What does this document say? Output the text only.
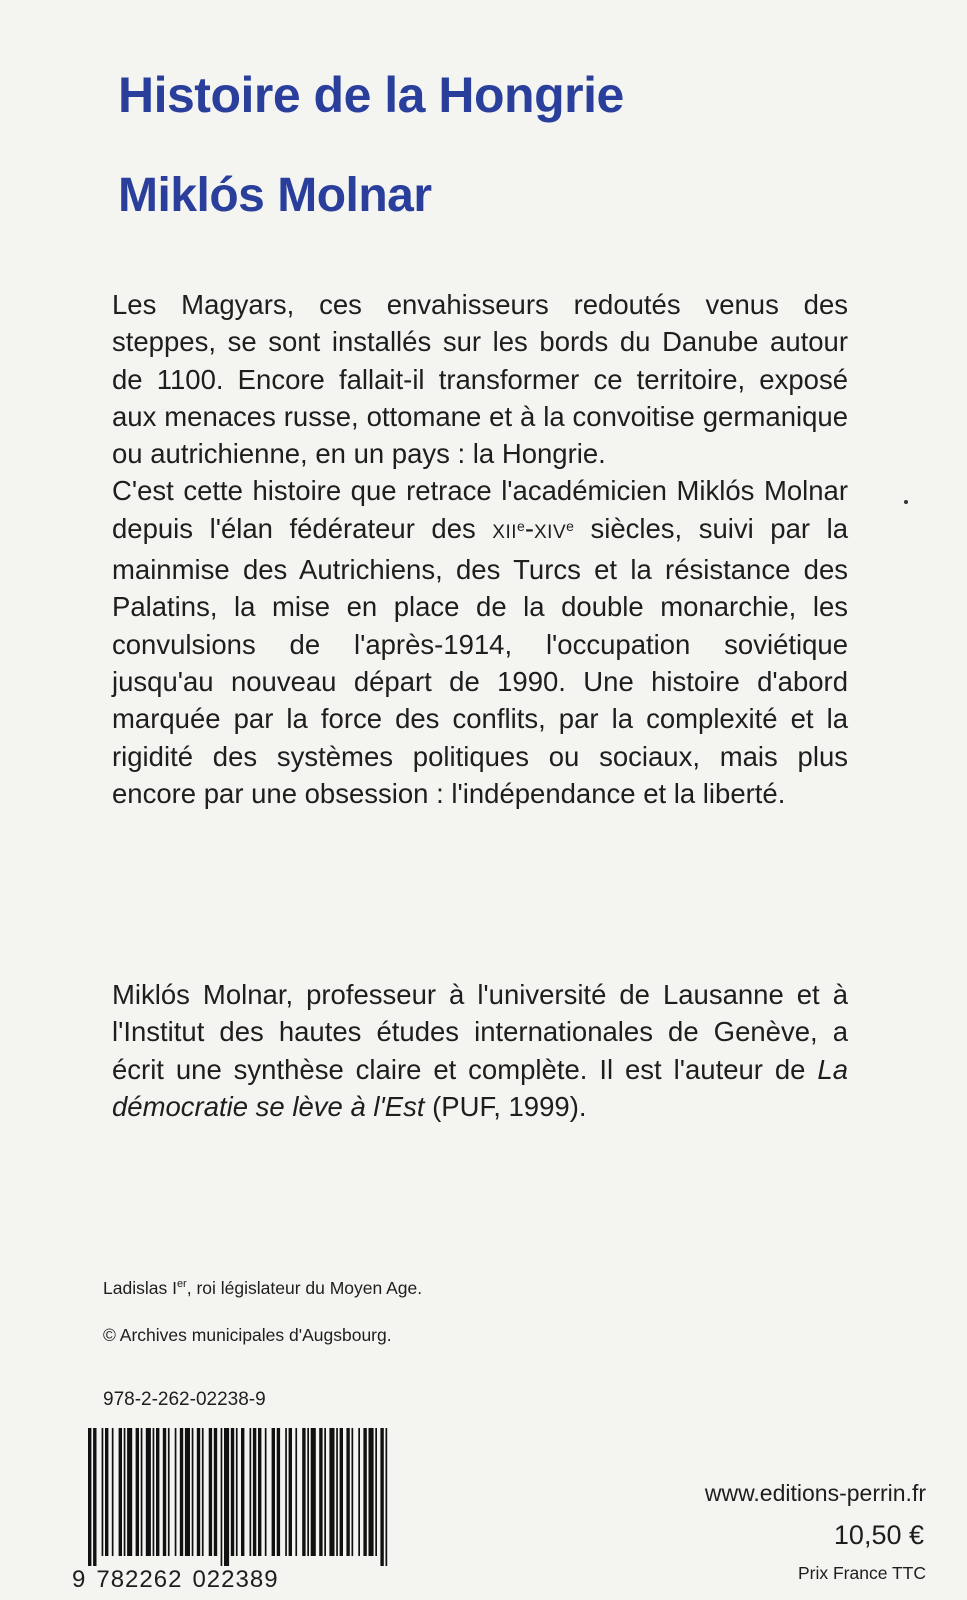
Histoire de la Hongrie
Miklós Molnar

Les Magyars, ces envahisseurs redoutés venus des steppes, se sont installés sur les bords du Danube autour de 1100. Encore fallait-il transformer ce territoire, exposé aux menaces russe, ottomane et à la convoitise germanique ou autrichienne, en un pays : la Hongrie.
C'est cette histoire que retrace l'académicien Miklós Molnar depuis l'élan fédérateur des XIIe-XIVe siècles, suivi par la mainmise des Autrichiens, des Turcs et la résistance des Palatins, la mise en place de la double monarchie, les convulsions de l'après-1914, l'occupation soviétique jusqu'au nouveau départ de 1990. Une histoire d'abord marquée par la force des conflits, par la complexité et la rigidité des systèmes politiques ou sociaux, mais plus encore par une obsession : l'indépendance et la liberté.

Miklós Molnar, professeur à l'université de Lausanne et à l'Institut des hautes études internationales de Genève, a écrit une synthèse claire et complète. Il est l'auteur de La démocratie se lève à l'Est (PUF, 1999).

Ladislas Ier, roi législateur du Moyen Age.

© Archives municipales d'Augsbourg.

978-2-262-02238-9

9 782262 022389

www.editions-perrin.fr

10,50 €

Prix France TTC
